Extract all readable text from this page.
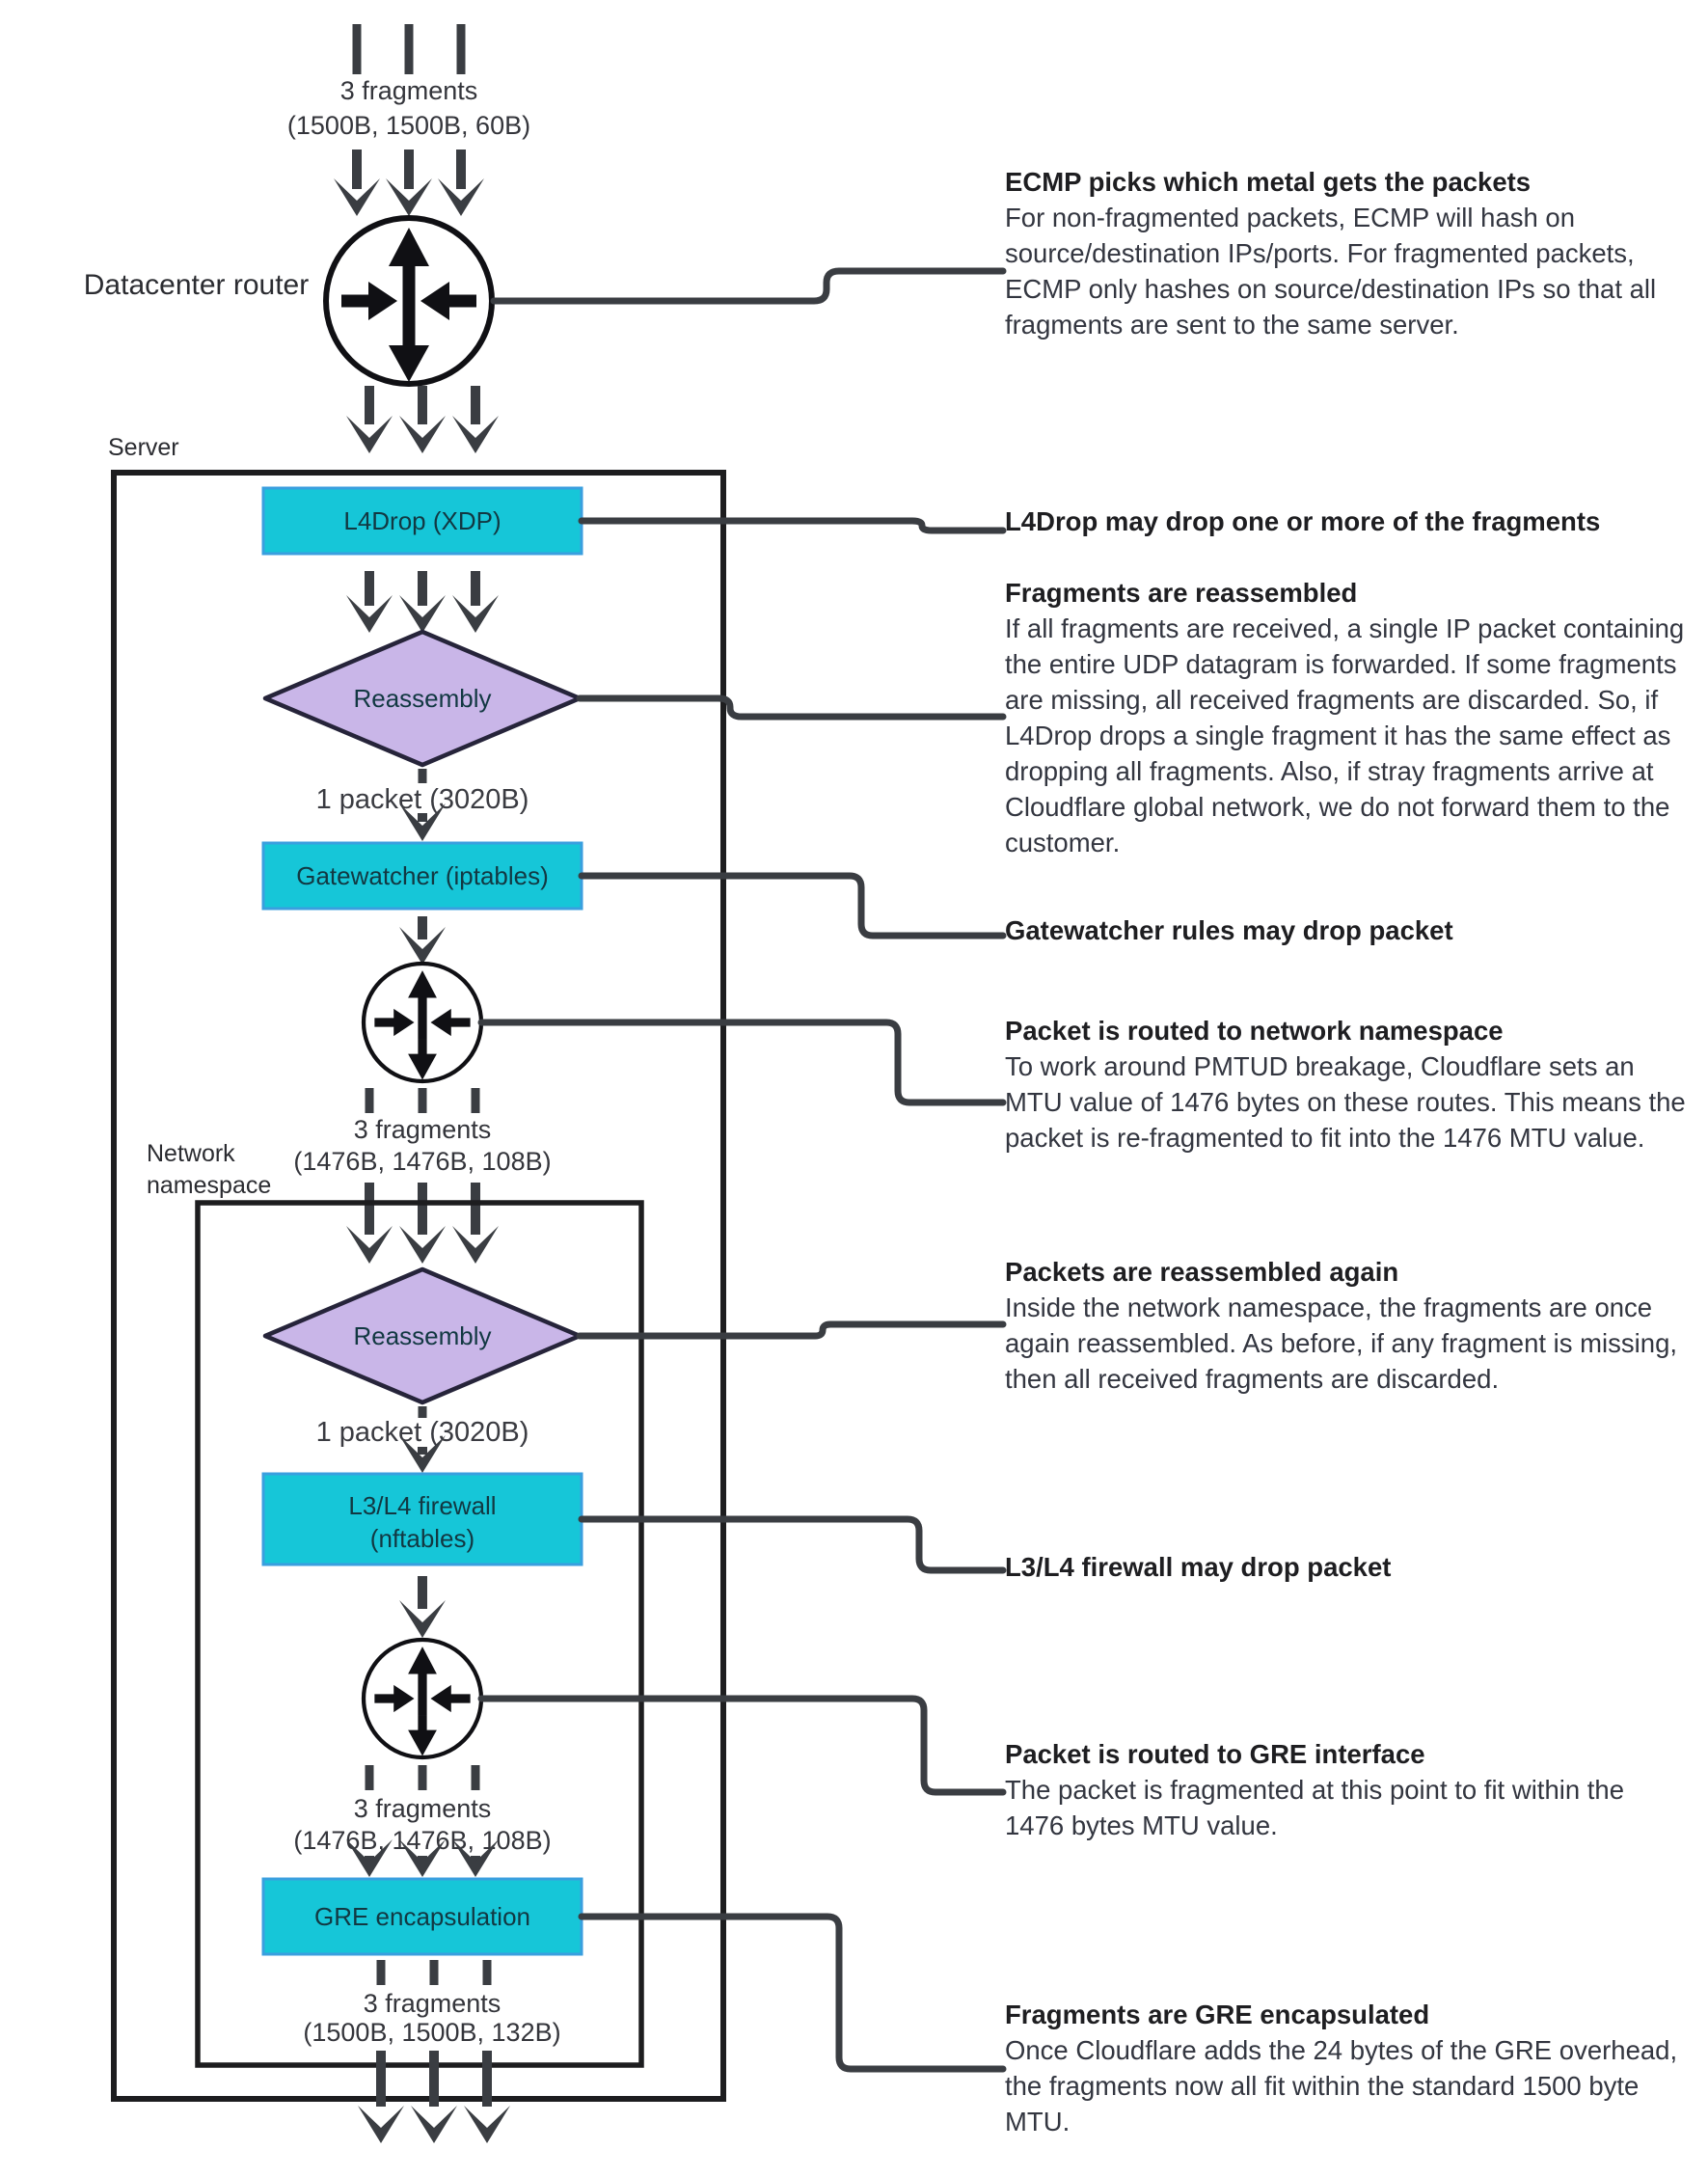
3 fragments
(1500B, 1500B, 60B)
L4Drop (XDP)
Reassembly
1 packet (3020B)
Gatewatcher (iptables)
3 fragments
(1476B, 1476B, 108B)
Reassembly
1 packet (3020B)
L3/L4 firewall
(nftables)
3 fragments
(1476B, 1476B, 108B)
GRE encapsulation
3 fragments
(1500B, 1500B, 132B)
Datacenter router
Server
Network namespace
ECMP picks which metal gets the packets

For non-fragmented packets, ECMP will hash on source/destination IPs/ports. For fragmented packets, ECMP only hashes on source/destination IPs so that all fragments are sent to the same server.

L4Drop may drop one or more of the fragments
Fragments are reassembled

If all fragments are received, a single IP packet containing the entire UDP datagram is forwarded. If some fragments are missing, all received fragments are discarded. So, if L4Drop drops a single fragment it has the same effect as dropping all fragments. Also, if stray fragments arrive at Cloudflare global network, we do not forward them to the customer.

Gatewatcher rules may drop packet
Packet is routed to network namespace

To work around PMTUD breakage, Cloudflare sets an MTU value of 1476 bytes on these routes. This means the packet is re-fragmented to fit into the 1476 MTU value.

Packets are reassembled again

Inside the network namespace, the fragments are once again reassembled. As before, if any fragment is missing, then all received fragments are discarded.

L3/L4 firewall may drop packet
Packet is routed to GRE interface

The packet is fragmented at this point to fit within the 1476 bytes MTU value.

Fragments are GRE encapsulated

Once Cloudflare adds the 24 bytes of the GRE overhead, the fragments now all fit within the standard 1500 byte MTU.
